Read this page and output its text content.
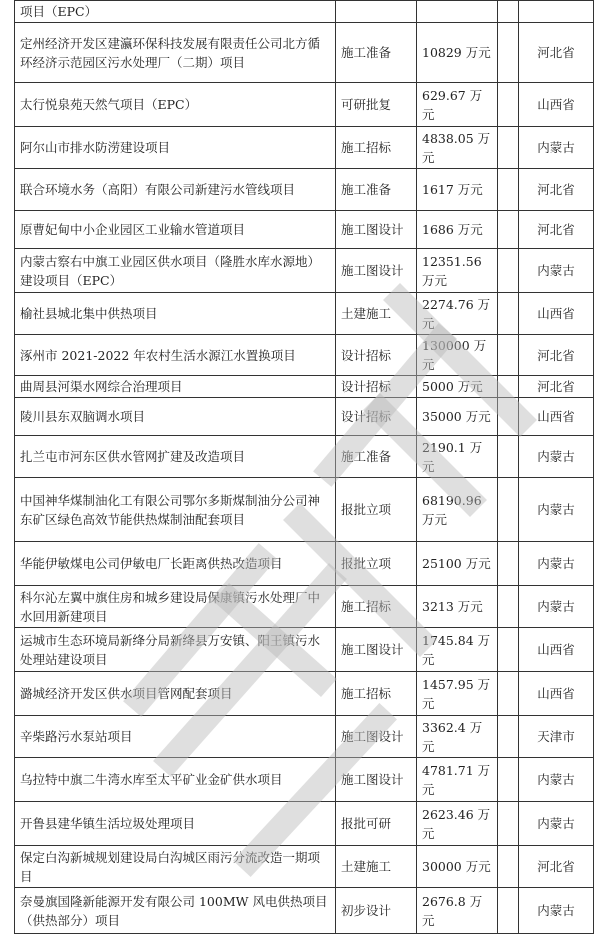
项目（EPC）				
定州经济开发区建瀛环保科技发展有限责任公司北方循环经济示范园区污水处理厂（二期）项目	施工准备	10829 万元		河北省
太行悦泉苑天然气项目（EPC）	可研批复	629.67 万元		山西省
阿尔山市排水防涝建设项目	施工招标	4838.05 万元		内蒙古
联合环境水务（高阳）有限公司新建污水管线项目	施工准备	1617 万元		河北省
原曹妃甸中小企业园区工业输水管道项目	施工图设计	1686 万元		河北省
内蒙古察右中旗工业园区供水项目（隆胜水库水源地）建设项目（EPC）	施工图设计	12351.56 万元		内蒙古
榆社县城北集中供热项目	土建施工	2274.76 万元		山西省
涿州市 2021-2022 年农村生活水源江水置换项目	设计招标	130000 万元		河北省
曲周县河渠水网综合治理项目	设计招标	5000 万元		河北省
陵川县东双脑调水项目	设计招标	35000 万元		山西省
扎兰屯市河东区供水管网扩建及改造项目	施工准备	2190.1 万元		内蒙古
中国神华煤制油化工有限公司鄂尔多斯煤制油分公司神东矿区绿色高效节能供热煤制油配套项目	报批立项	68190.96 万元		内蒙古
华能伊敏煤电公司伊敏电厂长距离供热改造项目	报批立项	25100 万元		内蒙古
科尔沁左翼中旗住房和城乡建设局保康镇污水处理厂中水回用新建项目	施工招标	3213 万元		内蒙古
运城市生态环境局新绛分局新绛县万安镇、阳王镇污水处理站建设项目	施工图设计	1745.84 万元		山西省
潞城经济开发区供水项目管网配套项目	施工招标	1457.95 万元		山西省
辛柴路污水泵站项目	施工图设计	3362.4 万元		天津市
乌拉特中旗二牛湾水库至太平矿业金矿供水项目	施工图设计	4781.71 万元		内蒙古
开鲁县建华镇生活垃圾处理项目	报批可研	2623.46 万元		内蒙古
保定白沟新城规划建设局白沟城区雨污分流改造一期项目	土建施工	30000 万元		河北省
奈曼旗国隆新能源开发有限公司 100MW 风电供热项目（供热部分）项目	初步设计	2676.8 万元		内蒙古
